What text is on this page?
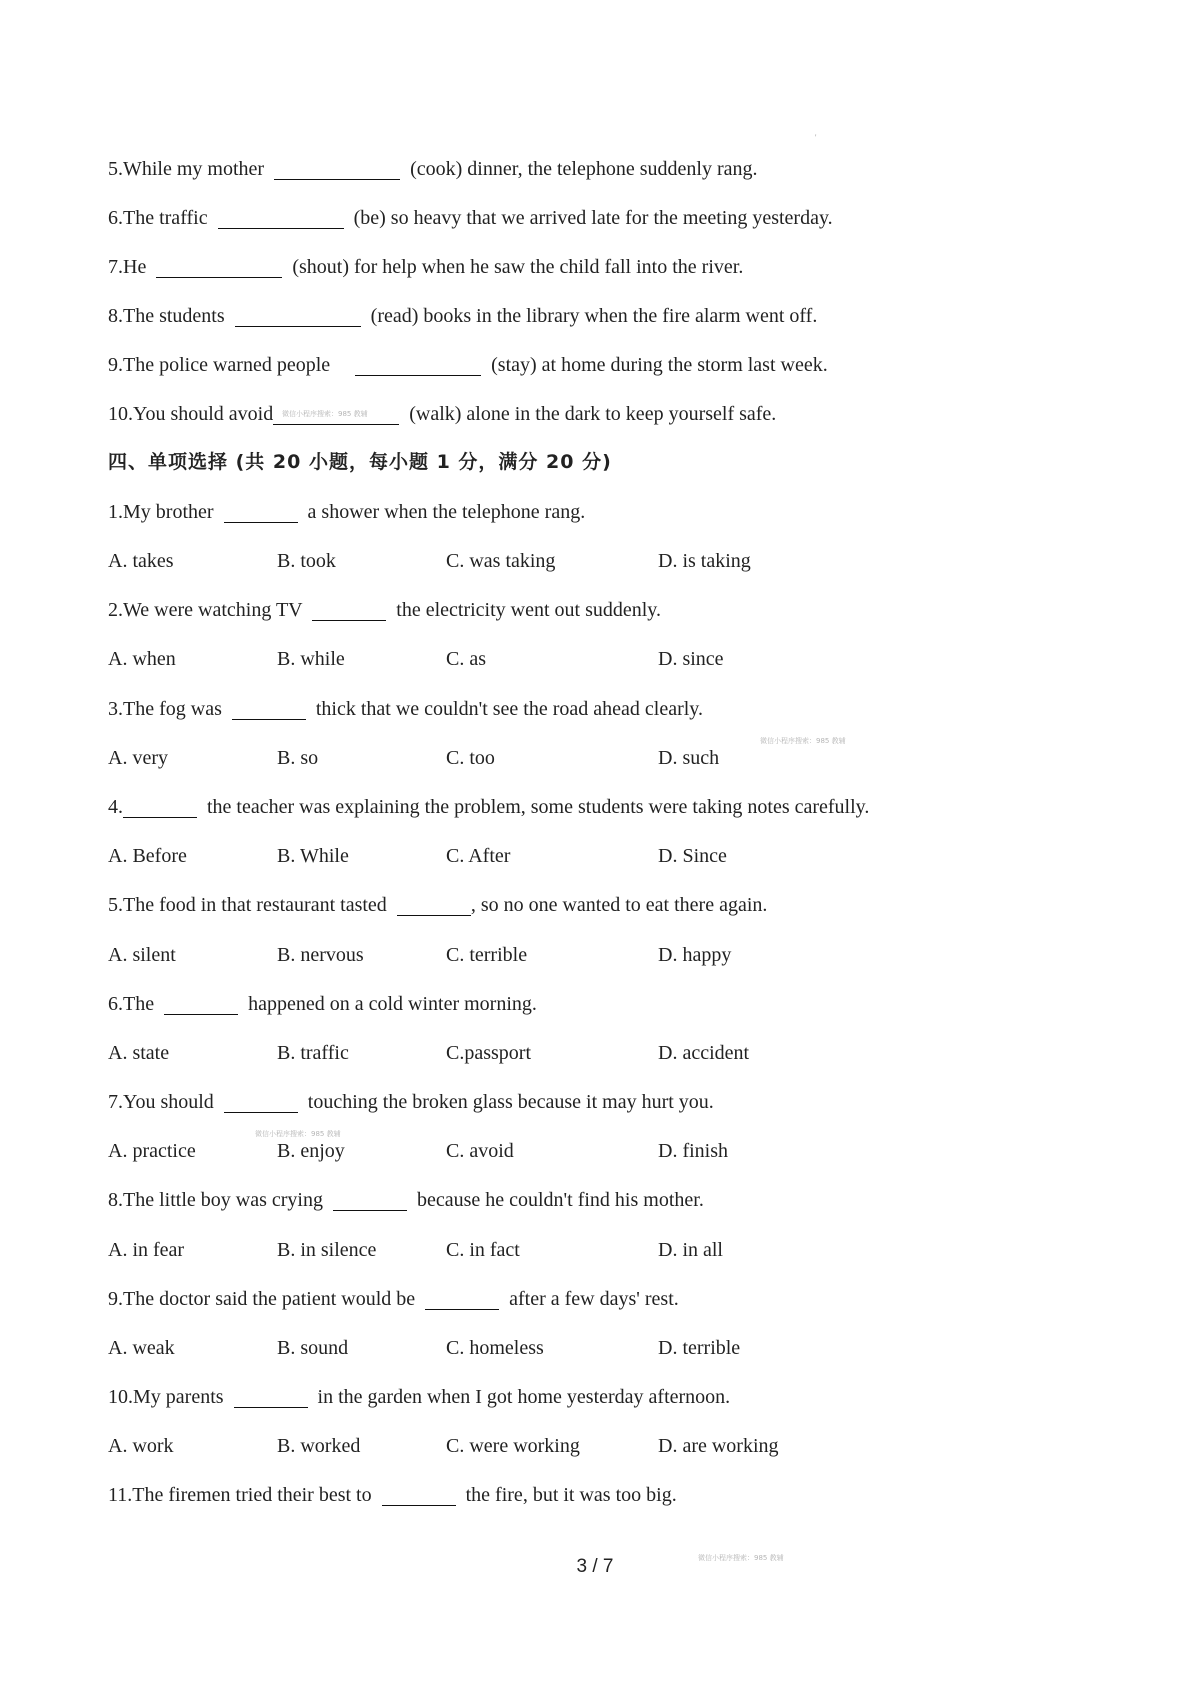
'
5.While my mother	(cook) dinner, the telephone suddenly rang.
6.The traffic	(be) so heavy that we arrived late for the meeting yesterday.
7.He	(shout) for help when he saw the child fall into the river.
8.The students	(read) books in the library when the fire alarm went off.
9.The police warned people	(stay) at home during the storm last week.
10.You should avoid	(walk) alone in the dark to keep yourself safe.
四、单项选择 (共 20 小题，每小题 1 分，满分 20 分)
1.My brother	a shower when the telephone rang.
A. takes	B. took	C. was taking	D. is taking
2.We were watching TV	the electricity went out suddenly.
A. when	B. while	C. as	D. since
3.The fog was	thick that we couldn't see the road ahead clearly.
A. very	B. so	C. too	D. such
4.	the teacher was explaining the problem, some students were taking notes carefully.
A. Before	B. While	C. After	D. Since
5.The food in that restaurant tasted	, so no one wanted to eat there again.
A. silent	B. nervous	C. terrible	D. happy
6.The	happened on a cold winter morning.
A. state	B. traffic	C.passport	D. accident
7.You should	touching the broken glass because it may hurt you.
A. practice	B. enjoy	C. avoid	D. finish
8.The little boy was crying	because he couldn't find his mother.
A. in fear	B. in silence	C. in fact	D. in all
9.The doctor said the patient would be	after a few days' rest.
A. weak	B. sound	C. homeless	D. terrible
10.My parents	in the garden when I got home yesterday afternoon.
A. work	B. worked	C. were working	D. are working
11.The firemen tried their best to	the fire, but it was too big.
微信小程序搜索：985 教辅
微信小程序搜索：985 教辅
微信小程序搜索：985 教辅
微信小程序搜索：985 教辅
3 / 7
